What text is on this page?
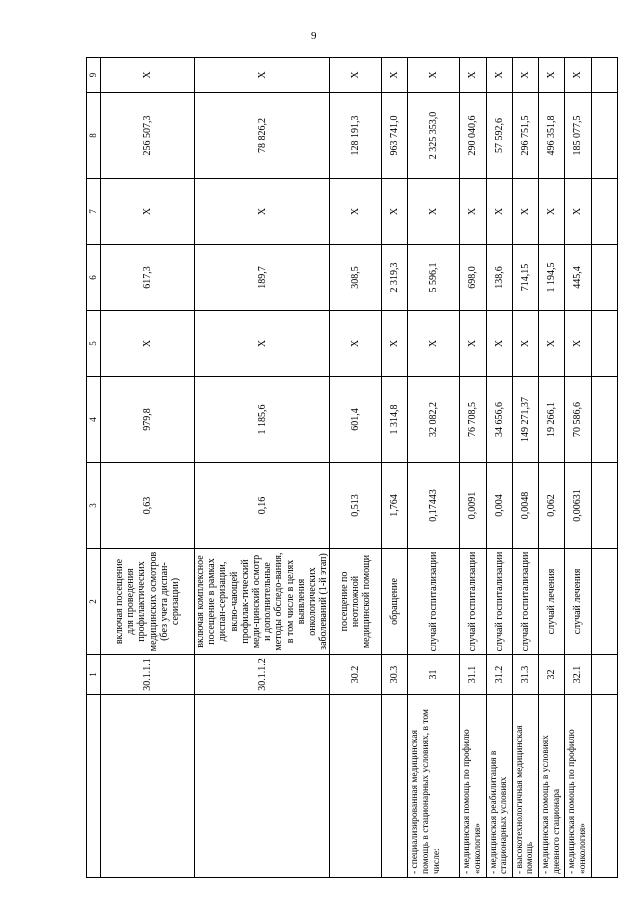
9
	1	2	3	4	5	6	7	8	9
	30.1.1.1	включая посещение для проведения профилактических медицинских осмотров (без учета диспан-серизации)	0,63	979,8	X	617,3	X	256 507,3	X
	30.1.1.2	включая комплексное посещение в рамках диспан-серизации, вклю-чающей профилак-тический меди-цинский осмотр и дополнительные методы обследо-вания, в том числе в целях выявления онкологических заболеваний (1-й этап)	0,16	1 185,6	X	189,7	X	78 826,2	X
	30.2	посещение по неотложной медицинской помощи	0,513	601,4	X	308,5	X	128 191,3	X
	30.3	обращение	1,764	1 314,8	X	2 319,3	X	963 741,0	X
- специализированная медицинская помощь в стационарных условиях, в том числе:	31	случай госпитализации	0,17443	32 082,2	X	5 596,1	X	2 325 353,0	X
- медицинская помощь по профилю «онкология»	31.1	случай госпитализации	0,0091	76 708,5	X	698,0	X	290 040,6	X
- медицинская реабилитация в стационарных условиях	31.2	случай госпитализации	0,004	34 656,6	X	138,6	X	57 592,6	X
- высокотехнологичная медицинская помощь	31.3	случай госпитализации	0,0048	149 271,37	X	714,15	X	296 751,5	X
- медицинская помощь в условиях дневного стационара	32	случай лечения	0,062	19 266,1	X	1 194,5	X	496 351,8	X
- медицинская помощь по профилю «онкология»	32.1	случай лечения	0,00631	70 586,6	X	445,4	X	185 077,5	X
